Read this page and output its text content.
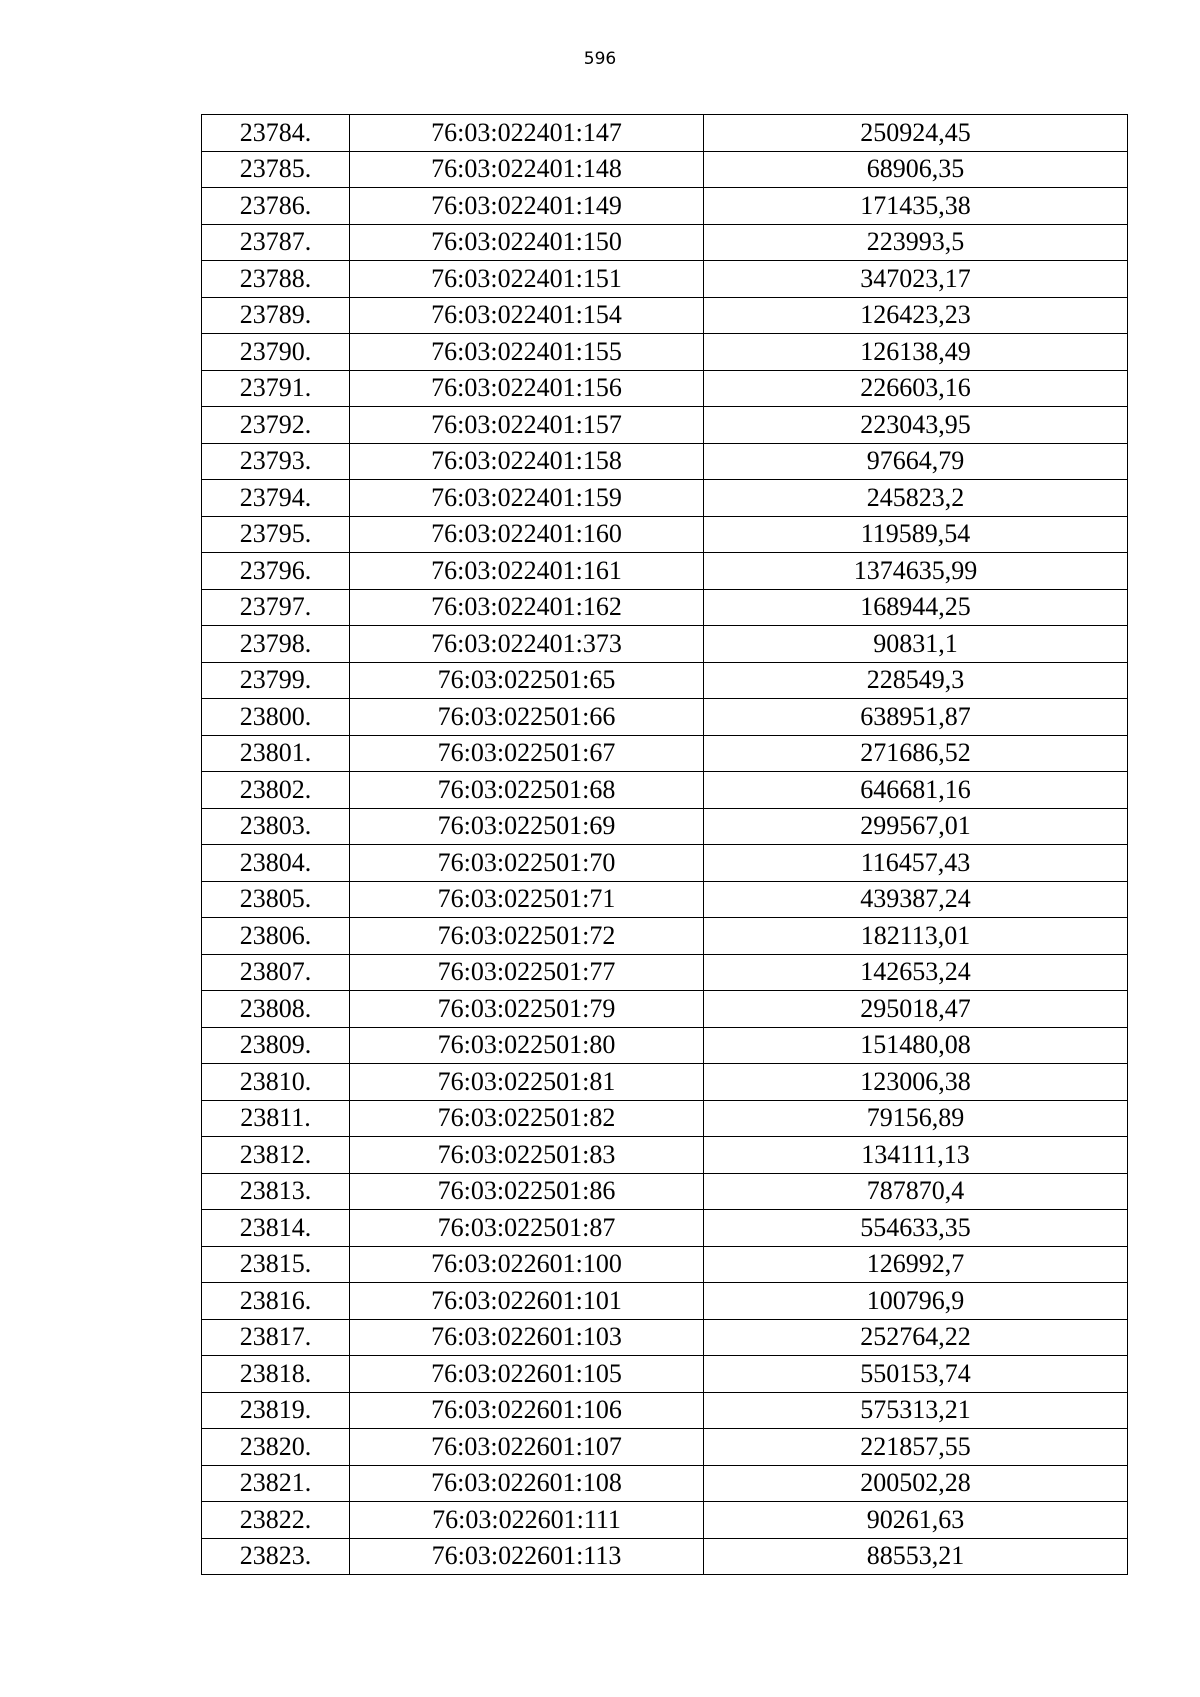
596
23784.	76:03:022401:147	250924,45
23785.	76:03:022401:148	68906,35
23786.	76:03:022401:149	171435,38
23787.	76:03:022401:150	223993,5
23788.	76:03:022401:151	347023,17
23789.	76:03:022401:154	126423,23
23790.	76:03:022401:155	126138,49
23791.	76:03:022401:156	226603,16
23792.	76:03:022401:157	223043,95
23793.	76:03:022401:158	97664,79
23794.	76:03:022401:159	245823,2
23795.	76:03:022401:160	119589,54
23796.	76:03:022401:161	1374635,99
23797.	76:03:022401:162	168944,25
23798.	76:03:022401:373	90831,1
23799.	76:03:022501:65	228549,3
23800.	76:03:022501:66	638951,87
23801.	76:03:022501:67	271686,52
23802.	76:03:022501:68	646681,16
23803.	76:03:022501:69	299567,01
23804.	76:03:022501:70	116457,43
23805.	76:03:022501:71	439387,24
23806.	76:03:022501:72	182113,01
23807.	76:03:022501:77	142653,24
23808.	76:03:022501:79	295018,47
23809.	76:03:022501:80	151480,08
23810.	76:03:022501:81	123006,38
23811.	76:03:022501:82	79156,89
23812.	76:03:022501:83	134111,13
23813.	76:03:022501:86	787870,4
23814.	76:03:022501:87	554633,35
23815.	76:03:022601:100	126992,7
23816.	76:03:022601:101	100796,9
23817.	76:03:022601:103	252764,22
23818.	76:03:022601:105	550153,74
23819.	76:03:022601:106	575313,21
23820.	76:03:022601:107	221857,55
23821.	76:03:022601:108	200502,28
23822.	76:03:022601:111	90261,63
23823.	76:03:022601:113	88553,21
